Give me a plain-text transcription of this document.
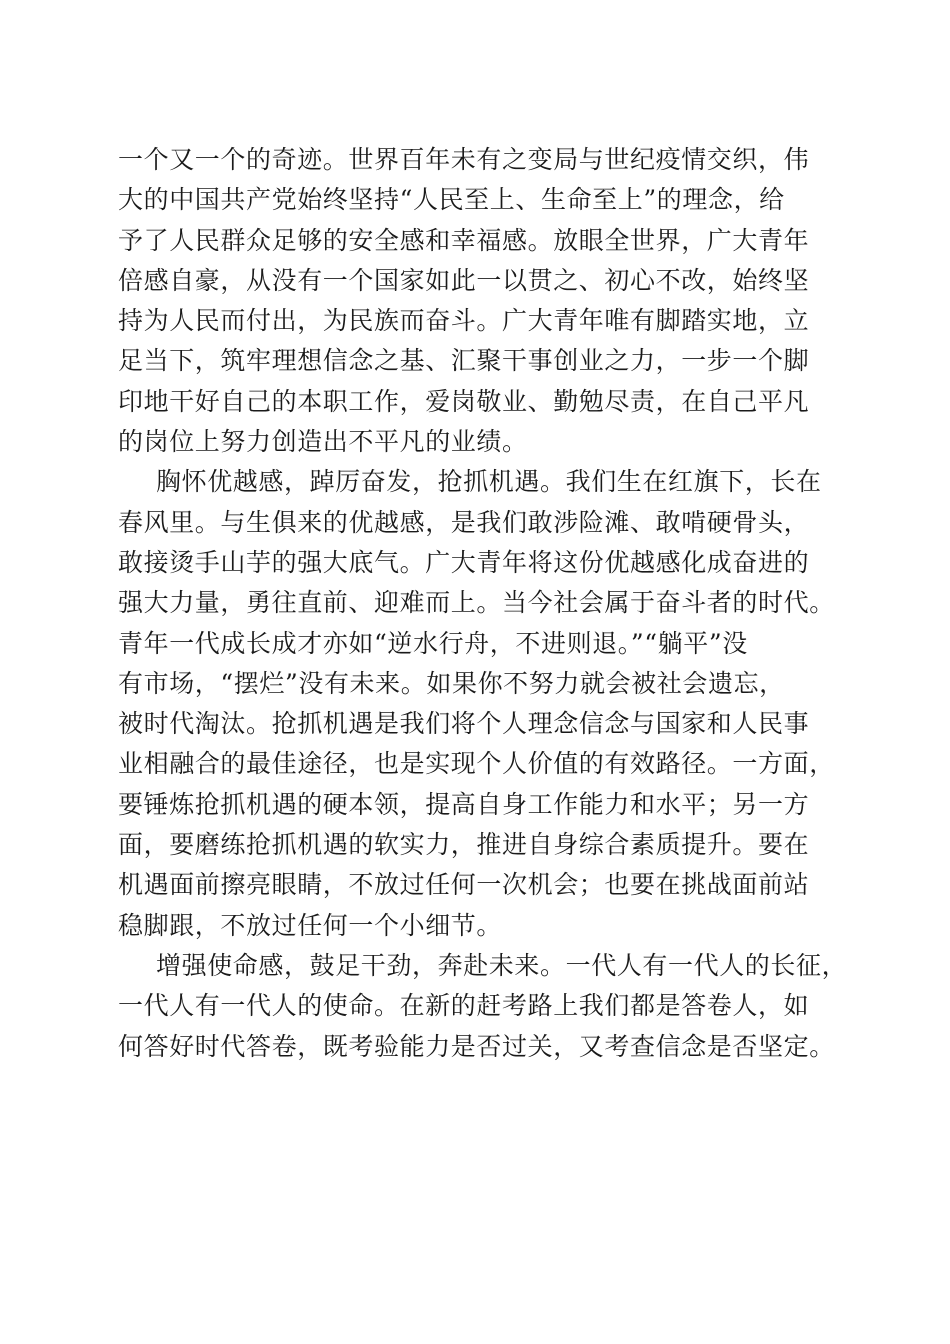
一个又一个的奇迹。世界百年未有之变局与世纪疫情交织，伟
大的中国共产党始终坚持“人民至上、生命至上”的理念，给
予了人民群众足够的安全感和幸福感。放眼全世界，广大青年
倍感自豪，从没有一个国家如此一以贯之、初心不改，始终坚
持为人民而付出，为民族而奋斗。广大青年唯有脚踏实地，立
足当下，筑牢理想信念之基、汇聚干事创业之力，一步一个脚
印地干好自己的本职工作，爱岗敬业、勤勉尽责，在自己平凡
的岗位上努力创造出不平凡的业绩。
胸怀优越感，踔厉奋发，抢抓机遇。我们生在红旗下，长在
春风里。与生俱来的优越感，是我们敢涉险滩、敢啃硬骨头，
敢接烫手山芋的强大底气。广大青年将这份优越感化成奋进的
强大力量，勇往直前、迎难而上。当今社会属于奋斗者的时代。
青年一代成长成才亦如“逆水行舟，不进则退。”“躺平”没
有市场，“摆烂”没有未来。如果你不努力就会被社会遗忘，
被时代淘汰。抢抓机遇是我们将个人理念信念与国家和人民事
业相融合的最佳途径，也是实现个人价值的有效路径。一方面，
要锤炼抢抓机遇的硬本领，提高自身工作能力和水平；另一方
面，要磨练抢抓机遇的软实力，推进自身综合素质提升。要在
机遇面前擦亮眼睛，不放过任何一次机会；也要在挑战面前站
稳脚跟，不放过任何一个小细节。
增强使命感，鼓足干劲，奔赴未来。一代人有一代人的长征，
一代人有一代人的使命。在新的赶考路上我们都是答卷人，如
何答好时代答卷，既考验能力是否过关，又考查信念是否坚定。
